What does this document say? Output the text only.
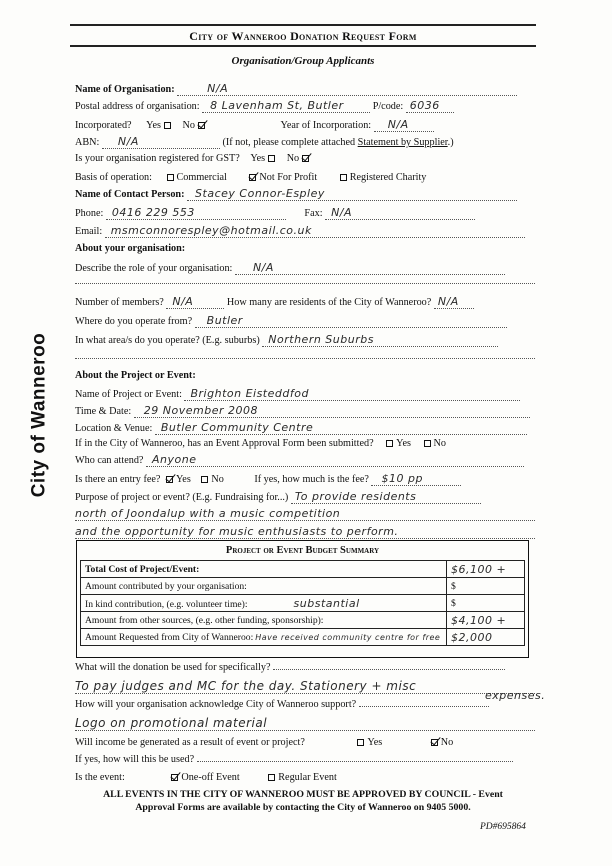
City of Wanneroo Donation Request Form
Organisation/Group Applicants
City of Wanneroo
Name of Organisation:	N/A
Postal address of organisation: 8 Lavenham St, Butler	P/code: 6036
Incorporated? Yes No	Year of Incorporation: N/A
ABN: N/A	(If not, please complete attached Statement by Supplier.)
Is your organisation registered for GST? Yes No
Basis of operation: Commercial	Not For Profit	Registered Charity
Name of Contact Person: Stacey Connor-Espley
Phone: 0416 229 553	Fax: N/A
Email: msmconnorespley@hotmail.co.uk
About your organisation:
Describe the role of your organisation: N/A
Number of members? N/A	How many are residents of the City of Wanneroo? N/A
Where do you operate from? Butler
In what area/s do you operate? (E.g. suburbs) Northern Suburbs
About the Project or Event:
Name of Project or Event: Brighton Eisteddfod
Time & Date: 29 November 2008
Location & Venue: Butler Community Centre
If in the City of Wanneroo, has an Event Approval Form been submitted? Yes No
Who can attend? Anyone
Is there an entry fee? Yes No	If yes, how much is the fee? $10 pp
Purpose of project or event? (E.g. Fundraising for...) To provide residents
north of Joondalup with a music competition
and the opportunity for music enthusiasts to perform.
Project or Event Budget Summary
Total Cost of Project/Event:	$6,100 +
Amount contributed by your organisation:	$
In kind contribution, (e.g. volunteer time): substantial	$
Amount from other sources, (e.g. other funding, sponsorship):	$4,100 +
Amount Requested from City of Wanneroo: Have received community centre for free	$2,000
What will the donation be used for specifically?
To pay judges and MC for the day. Stationery + misc
expenses.
How will your organisation acknowledge City of Wanneroo support?
Logo on promotional material
Will income be generated as a result of event or project?	Yes	No
If yes, how will this be used?
Is the event:	One-off Event	Regular Event
ALL EVENTS IN THE CITY OF WANNEROO MUST BE APPROVED BY COUNCIL - Event
Approval Forms are available by contacting the City of Wanneroo on 9405 5000.
PD#695864
